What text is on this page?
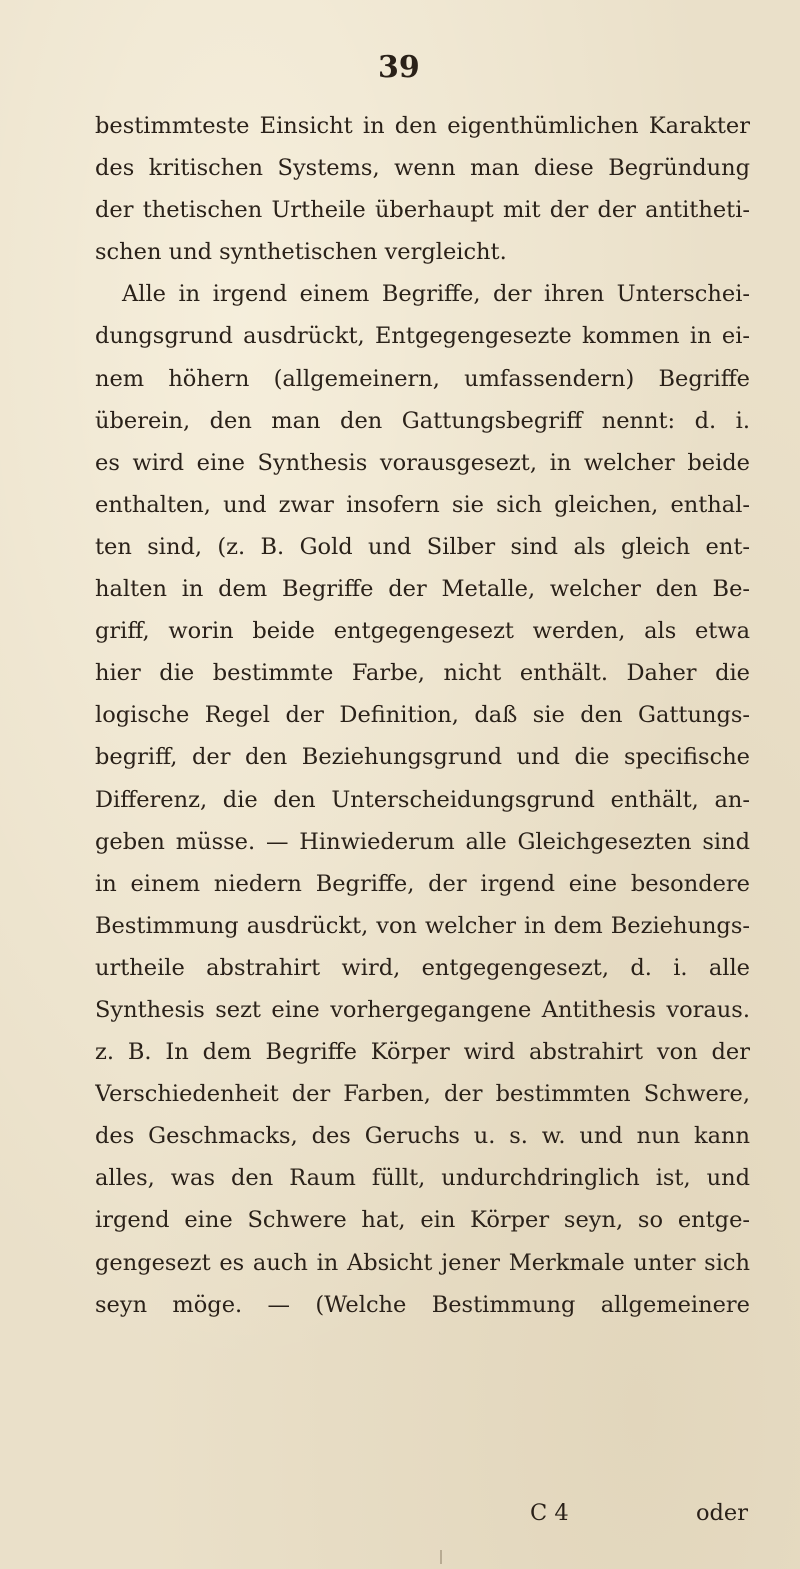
39
bestimmteste Einsicht in den eigenthümlichen Karakter
des kritischen Systems, wenn man diese Begründung
der thetischen Urtheile überhaupt mit der der antitheti-
schen und synthetischen vergleicht.
Alle in irgend einem Begriffe, der ihren Unterschei-
dungsgrund ausdrückt, Entgegengesezte kommen in ei-
nem höhern (allgemeinern, umfassendern) Begriffe
überein, den man den Gattungsbegriff nennt: d. i.
es wird eine Synthesis vorausgesezt, in welcher beide
enthalten, und zwar insofern sie sich gleichen, enthal-
ten sind, (z. B. Gold und Silber sind als gleich ent-
halten in dem Begriffe der Metalle, welcher den Be-
griff, worin beide entgegengesezt werden, als etwa
hier die bestimmte Farbe, nicht enthält. Daher die
logische Regel der Definition, daß sie den Gattungs-
begriff, der den Beziehungsgrund und die specifische
Differenz, die den Unterscheidungsgrund enthält, an-
geben müsse. — Hinwiederum alle Gleichgesezten sind
in einem niedern Begriffe, der irgend eine besondere
Bestimmung ausdrückt, von welcher in dem Beziehungs-
urtheile abstrahirt wird, entgegengesezt, d. i. alle
Synthesis sezt eine vorhergegangene Antithesis voraus.
z. B. In dem Begriffe Körper wird abstrahirt von der
Verschiedenheit der Farben, der bestimmten Schwere,
des Geschmacks, des Geruchs u. s. w. und nun kann
alles, was den Raum füllt, undurchdringlich ist, und
irgend eine Schwere hat, ein Körper seyn, so entge-
gengesezt es auch in Absicht jener Merkmale unter sich
seyn möge. — (Welche Bestimmung allgemeinere
C 4	oder
